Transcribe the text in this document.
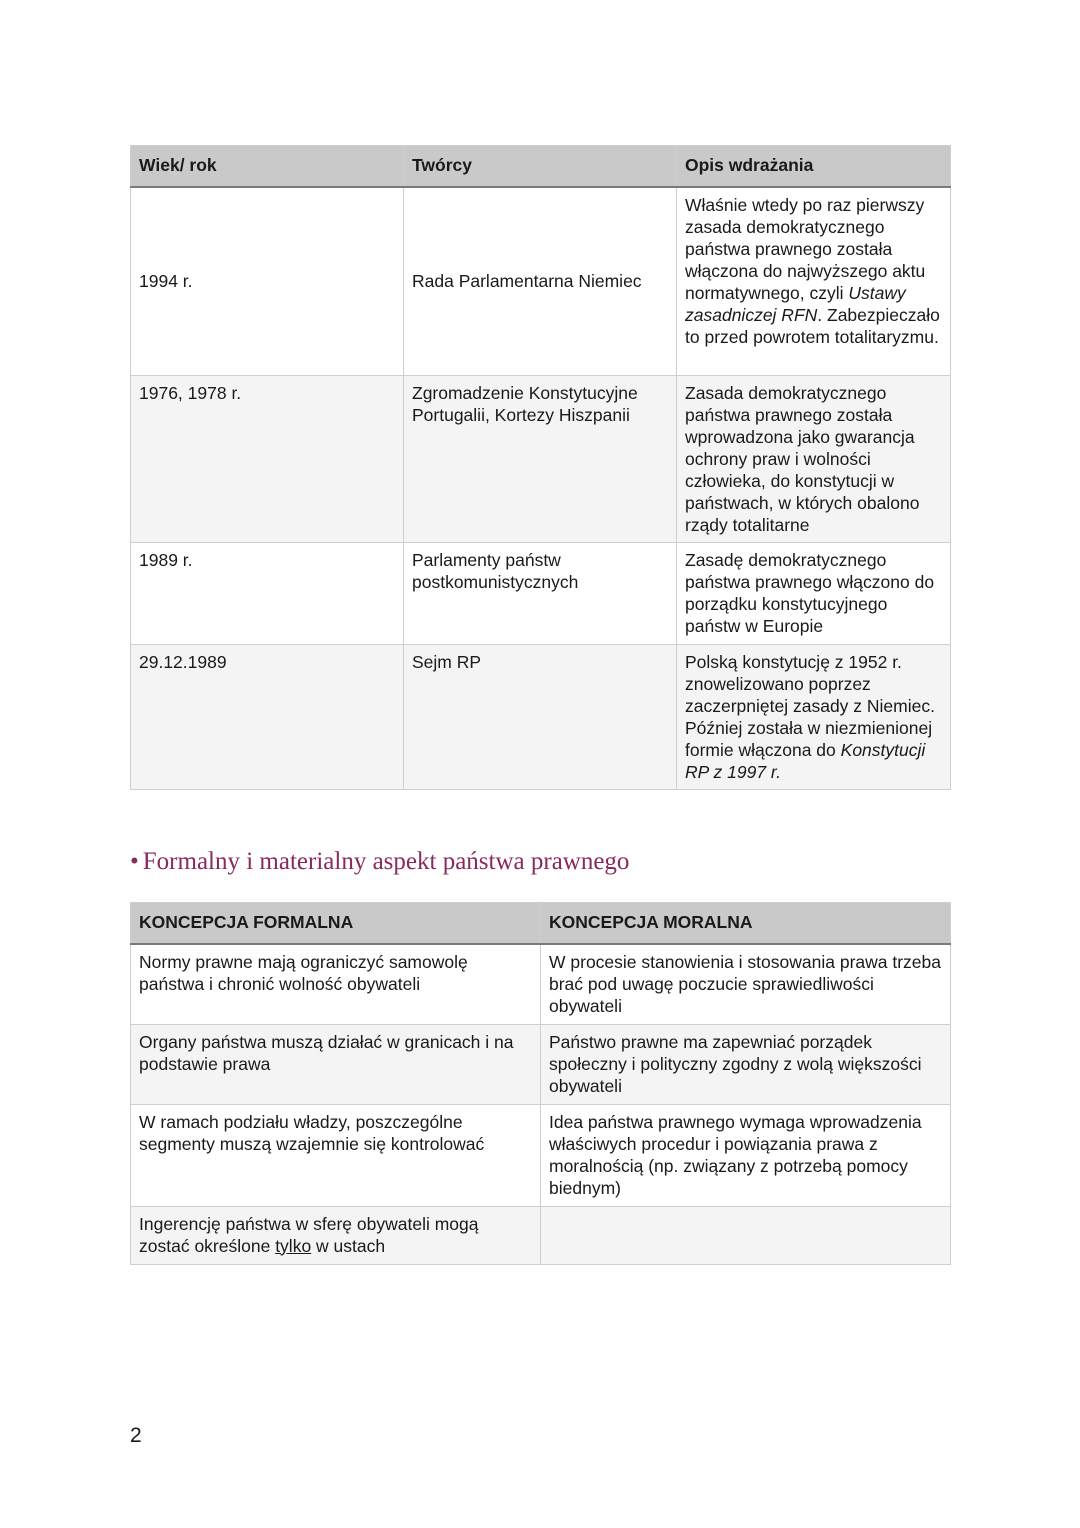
Wiek/ rok	Twórcy	Opis wdrażania
1994 r.	Rada Parlamentarna Niemiec	Właśnie wtedy po raz pierwszy zasada demokratycznego państwa prawnego została włączona do najwyższego aktu normatywnego, czyli Ustawy zasadniczej RFN. Zabezpieczało to przed powrotem totalitaryzmu.
1976, 1978 r.	Zgromadzenie Konstytucyjne Portugalii, Kortezy Hiszpanii	Zasada demokratycznego państwa prawnego została wprowadzona jako gwarancja ochrony praw i wolności człowieka, do konstytucji w państwach, w których obalono rządy totalitarne
1989 r.	Parlamenty państw postkomunistycznych	Zasadę demokratycznego państwa prawnego włączono do porządku konstytucyjnego państw w Europie
29.12.1989	Sejm RP	Polską konstytucję z 1952 r. znowelizowano poprzez zaczerpniętej zasady z Niemiec. Później została w niezmienionej formie włączona do Konstytucji RP z 1997 r.
• Formalny i materialny aspekt państwa prawnego
KONCEPCJA FORMALNA	KONCEPCJA MORALNA
Normy prawne mają ograniczyć samowolę państwa i chronić wolność obywateli	W procesie stanowienia i stosowania prawa trzeba brać pod uwagę poczucie sprawiedliwości obywateli
Organy państwa muszą działać w granicach i na podstawie prawa	Państwo prawne ma zapewniać porządek społeczny i polityczny zgodny z wolą większości obywateli
W ramach podziału władzy, poszczególne segmenty muszą wzajemnie się kontrolować	Idea państwa prawnego wymaga wprowadzenia właściwych procedur i powiązania prawa z moralnością (np. związany z potrzebą pomocy biednym)
Ingerencję państwa w sferę obywateli mogą zostać określone tylko w ustach	
2
